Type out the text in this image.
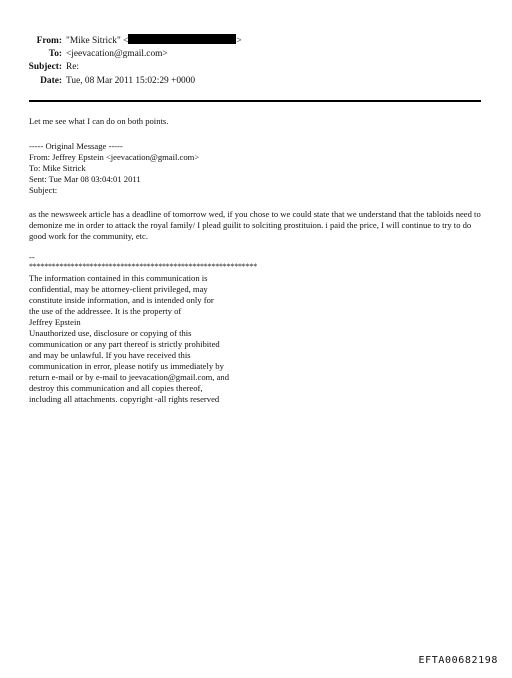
From: "Mike Sitrick" <	>
To: <jeevacation@gmail.com>
Subject: Re:
Date: Tue, 08 Mar 2011 15:02:29 +0000
Let me see what I can do on both points.
----- Original Message -----
From: Jeffrey Epstein <jeevacation@gmail.com>
To: Mike Sitrick
Sent: Tue Mar 08 03:04:01 2011
Subject:
as the newsweek article has a deadline of tomorrow wed, if you chose to we could state that we understand that the tabloids need to demonize me in order to attack the royal family/ I plead guilit to solciting prostituion. i paid the price, I will continue to try to do good work for the community, etc.
--
************************************************************
The information contained in this communication is
confidential, may be attorney-client privileged, may
constitute inside information, and is intended only for
the use of the addressee. It is the property of
Jeffrey Epstein
Unauthorized use, disclosure or copying of this
communication or any part thereof is strictly prohibited
and may be unlawful. If you have received this
communication in error, please notify us immediately by
return e-mail or by e-mail to jeevacation@gmail.com, and
destroy this communication and all copies thereof,
including all attachments. copyright -all rights reserved
EFTA00682198
